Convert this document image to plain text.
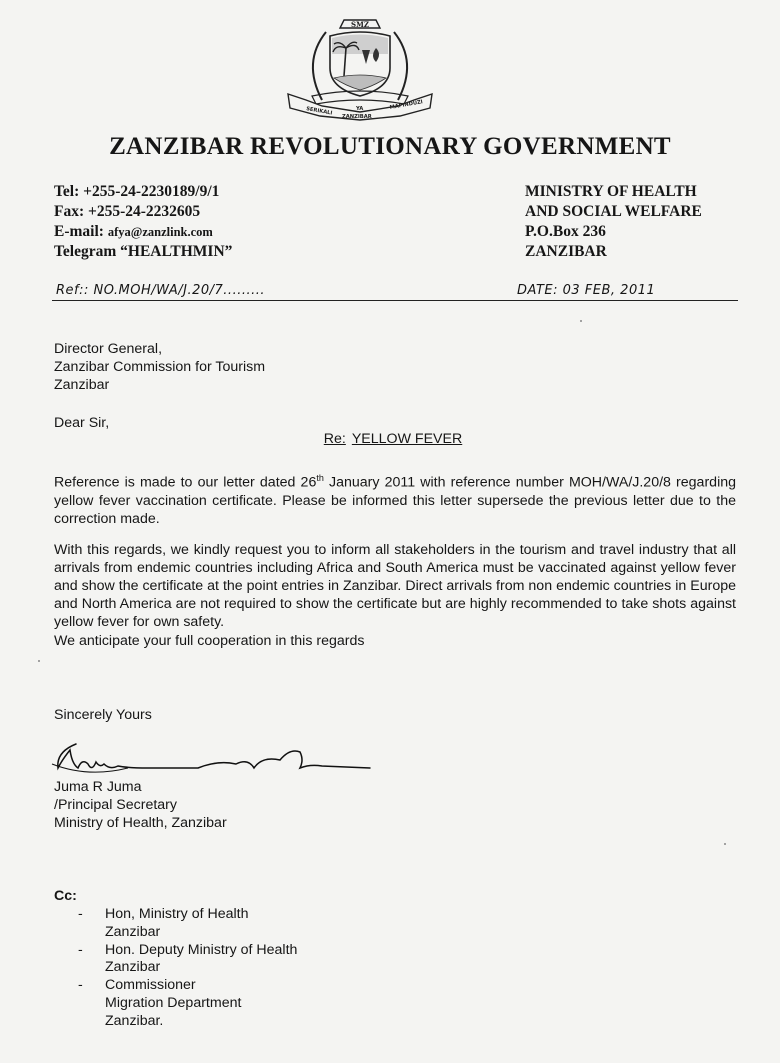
SMZ
SERIKALI	YA	MAPINDUZI
ZANZIBAR
ZANZIBAR REVOLUTIONARY GOVERNMENT
Tel: +255-24-2230189/9/1
Fax: +255-24-2232605
E-mail: afya@zanzlink.com
Telegram “HEALTHMIN”
MINISTRY OF HEALTH
AND SOCIAL WELFARE
P.O.Box 236
ZANZIBAR
Ref:: NO.MOH/WA/J.20/7.........	DATE: 03 FEB, 2011
Director General,
Zanzibar Commission for Tourism
Zanzibar
Dear Sir,
Re: YELLOW FEVER
Reference is made to our letter dated 26th January 2011 with reference number MOH/WA/J.20/8 regarding yellow fever vaccination certificate. Please be informed this letter supersede the previous letter due to the correction made.
With this regards, we kindly request you to inform all stakeholders in the tourism and travel industry that all arrivals from endemic countries including Africa and South America must be vaccinated against yellow fever and show the certificate at the point entries in Zanzibar. Direct arrivals from non endemic countries in Europe and North America are not required to show the certificate but are highly recommended to take shots against yellow fever for own safety.
We anticipate your full cooperation in this regards
Sincerely Yours
Juma R Juma
/Principal Secretary
Ministry of Health, Zanzibar
Cc:
- Hon, Ministry of Health
Zanzibar
- Hon. Deputy Ministry of Health
Zanzibar
- Commissioner
Migration Department
Zanzibar.
